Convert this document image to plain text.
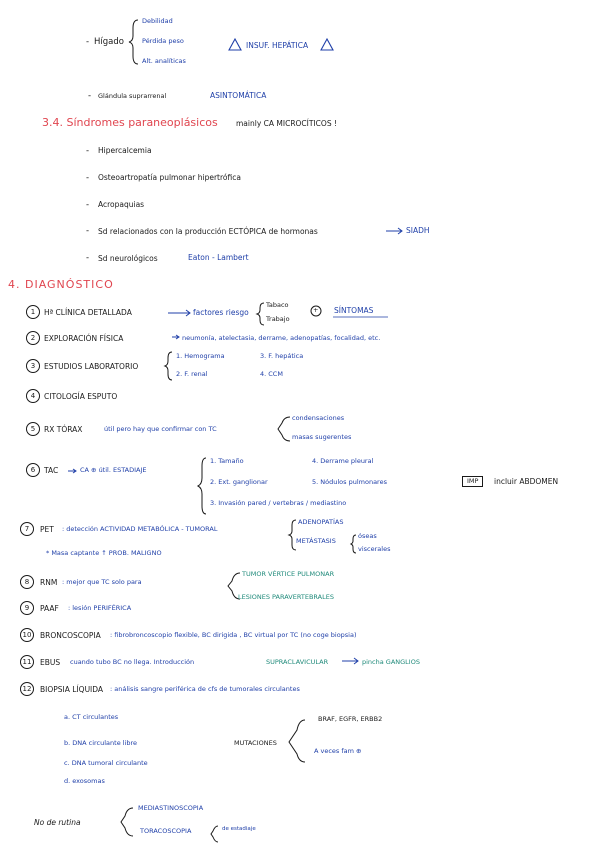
- Hígado
Debilidad
Pérdida peso
Alt. analíticas
INSUF. HEPÁTICA
- Glándula suprarrenal	ASINTOMÁTICA
3.4. Síndromes paraneoplásicos mainly CA MICROCÍTICOS !
- Hipercalcemia
- Osteoartropatía pulmonar hipertrófica
- Acropaquias
- Sd relacionados con la producción ECTÓPICA de hormonas	SIADH
- Sd neurológicos	Eaton - Lambert
4. DIAGNÓSTICO
1	Hª CLÍNICA DETALLADA	factores riesgo
Tabaco
Trabajo
+ SÍNTOMAS
2	EXPLORACIÓN FÍSICA	neumonía, atelectasia, derrame, adenopatías, focalidad, etc.
3	ESTUDIOS LABORATORIO
1. Hemograma
2. F. renal
3. F. hepática
4. CCM
4	CITOLOGÍA ESPUTO
5	RX TÓRAX	útil pero hay que confirmar con TC
condensaciones
masas sugerentes
6	TAC	CA ⊕ útil. ESTADIAJE
1. Tamaño
2. Ext. ganglionar
3. Invasión pared / vertebras / mediastino
4. Derrame pleural
5. Nódulos pulmonares	IMP	incluir ABDOMEN
7	PET : detección ACTIVIDAD METABÓLICA - TUMORAL
ADENOPATÍAS
METÁSTASIS
óseas
viscerales
* Masa captante ↑ PROB. MALIGNO
8	RNM : mejor que TC solo para
TUMOR VÉRTICE PULMONAR
LESIONES PARAVERTEBRALES
9	PAAF : lesión PERIFÉRICA
10	BRONCOSCOPIA : fibrobroncoscopio flexible, BC dirigida , BC virtual por TC (no coge biopsia)
11	EBUS cuando tubo BC no llega. Introducción	SUPRACLAVICULAR	pincha GANGLIOS
12	BIOPSIA LÍQUIDA : análisis sangre periférica de cfs de tumorales circulantes
a. CT circulantes
b. DNA circulante libre
c. DNA tumoral circulante
d. exosomas
MUTACIONES
BRAF, EGFR, ERBB2
A veces fam ⊕
No de rutina
MEDIASTINOSCOPIA
TORACOSCOPIA	de estadiaje
